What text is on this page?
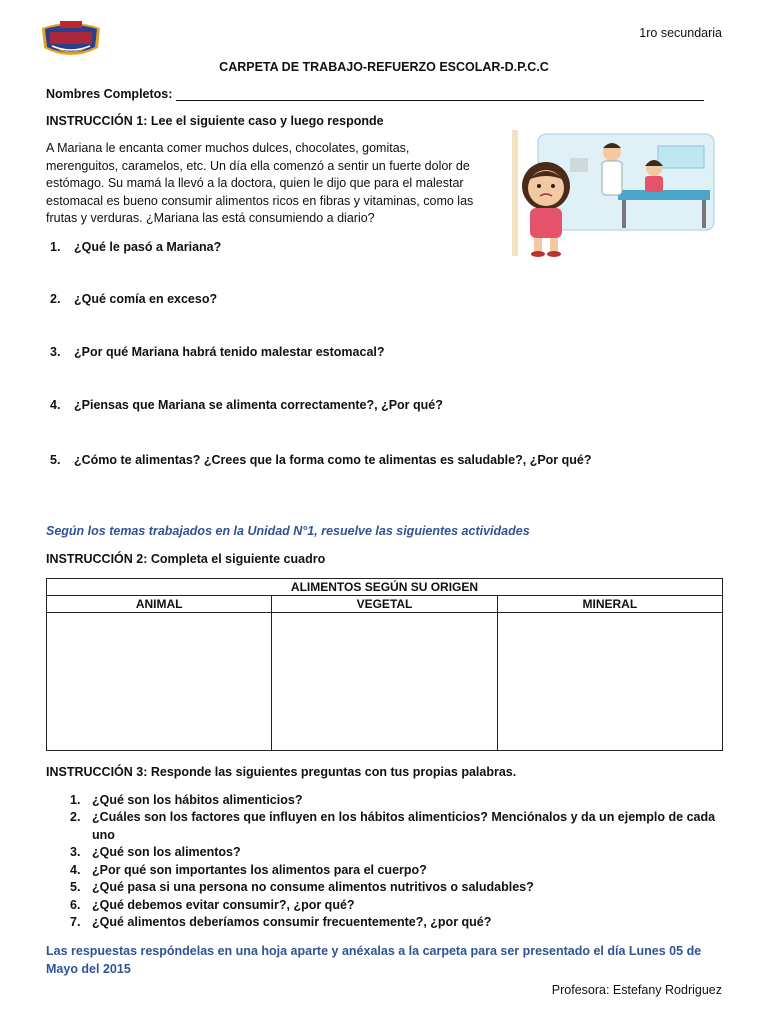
1ro secundaria
CARPETA DE TRABAJO-REFUERZO ESCOLAR-D.P.C.C
Nombres Completos:
INSTRUCCIÓN 1: Lee el siguiente caso y luego responde

A Mariana le encanta comer muchos dulces, chocolates, gomitas,

merenguitos, caramelos, etc. Un día ella comenzó a sentir un fuerte dolor de

estómago. Su mamá la llevó a la doctora, quien le dijo que para el malestar

estomacal es bueno consumir alimentos ricos en fibras y vitaminas, como las

frutas y verduras. ¿Mariana las está consumiendo a diario?

1. ¿Qué le pasó a Mariana?
2. ¿Qué comía en exceso?
3. ¿Por qué Mariana habrá tenido malestar estomacal?
4. ¿Piensas que Mariana se alimenta correctamente?, ¿Por qué?
5. ¿Cómo te alimentas? ¿Crees que la forma como te alimentas es saludable?, ¿Por qué?
Según los temas trabajados en la Unidad N°1, resuelve las siguientes actividades
INSTRUCCIÓN 2: Completa el siguiente cuadro
ALIMENTOS SEGÚN SU ORIGEN		
ANIMAL	VEGETAL	MINERAL

INSTRUCCIÓN 3: Responde las siguientes preguntas con tus propias palabras.
1. ¿Qué son los hábitos alimenticios?
2. ¿Cuáles son los factores que influyen en los hábitos alimenticios? Menciónalos y da un ejemplo de cada uno
3. ¿Qué son los alimentos?
4. ¿Por qué son importantes los alimentos para el cuerpo?
5. ¿Qué pasa si una persona no consume alimentos nutritivos o saludables?
6. ¿Qué debemos evitar consumir?, ¿por qué?
7. ¿Qué alimentos deberíamos consumir frecuentemente?, ¿por qué?

Las respuestas respóndelas en una hoja aparte y anéxalas a la carpeta para ser presentado el día Lunes 05 de

Mayo del 2015

Profesora: Estefany Rodriguez
